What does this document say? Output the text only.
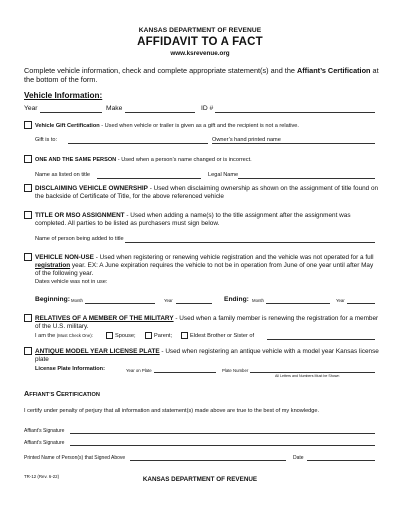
KANSAS DEPARTMENT OF REVENUE
AFFIDAVIT TO A FACT
www.ksrevenue.org
Complete vehicle information, check and complete appropriate statement(s) and the Affiant’s Certification at the bottom of the form.
Vehicle Information:
Year	Make	ID #
Vehicle Gift Certification - Used when vehicle or trailer is given as a gift and the recipient is not a relative.
Gift is to:	Owner’s hand printed name
ONE AND THE SAME PERSON - Used when a person’s name changed or is incorrect.
Name as listed on title	Legal Name
DISCLAIMING VEHICLE OWNERSHIP - Used when disclaiming ownership as shown on the assignment of title found on the backside of Certificate of Title, for the above referenced vehicle
TITLE OR MSO ASSIGNMENT - Used when adding a name(s) to the title assignment after the assignment was completed. All parties to be listed as purchasers must sign below.
Name of person being added to title
VEHICLE NON-USE - Used when registering or renewing vehicle registration and the vehicle was not operated for a full registration year. EX: A June expiration requires the vehicle to not be in operation from June of one year until after May of the following year.
Dates vehicle was not in use:
Beginning: Month	Year	Ending: Month	Year
RELATIVES OF A MEMBER OF THE MILITARY - Used when a family member is renewing the registration for a member of the U.S. military.
I am the (Must Check One):	Spouse;	Parent;	Eldest Brother or Sister of
ANTIQUE MODEL YEAR LICENSE PLATE - Used when registering an antique vehicle with a model year Kansas license plate
License Plate Information:	Year on Plate	Plate Number
All Letters and Numbers Must be Shown
AFFIANT’S CERTIFICATION
I certify under penalty of perjury that all information and statement(s) made above are true to the best of my knowledge.
Affiant’s Signature
Affiant’s Signature
Printed Name of Person(s) that Signed Above	Date
TR-12 (Rev. 6-22)	KANSAS DEPARTMENT OF REVENUE
